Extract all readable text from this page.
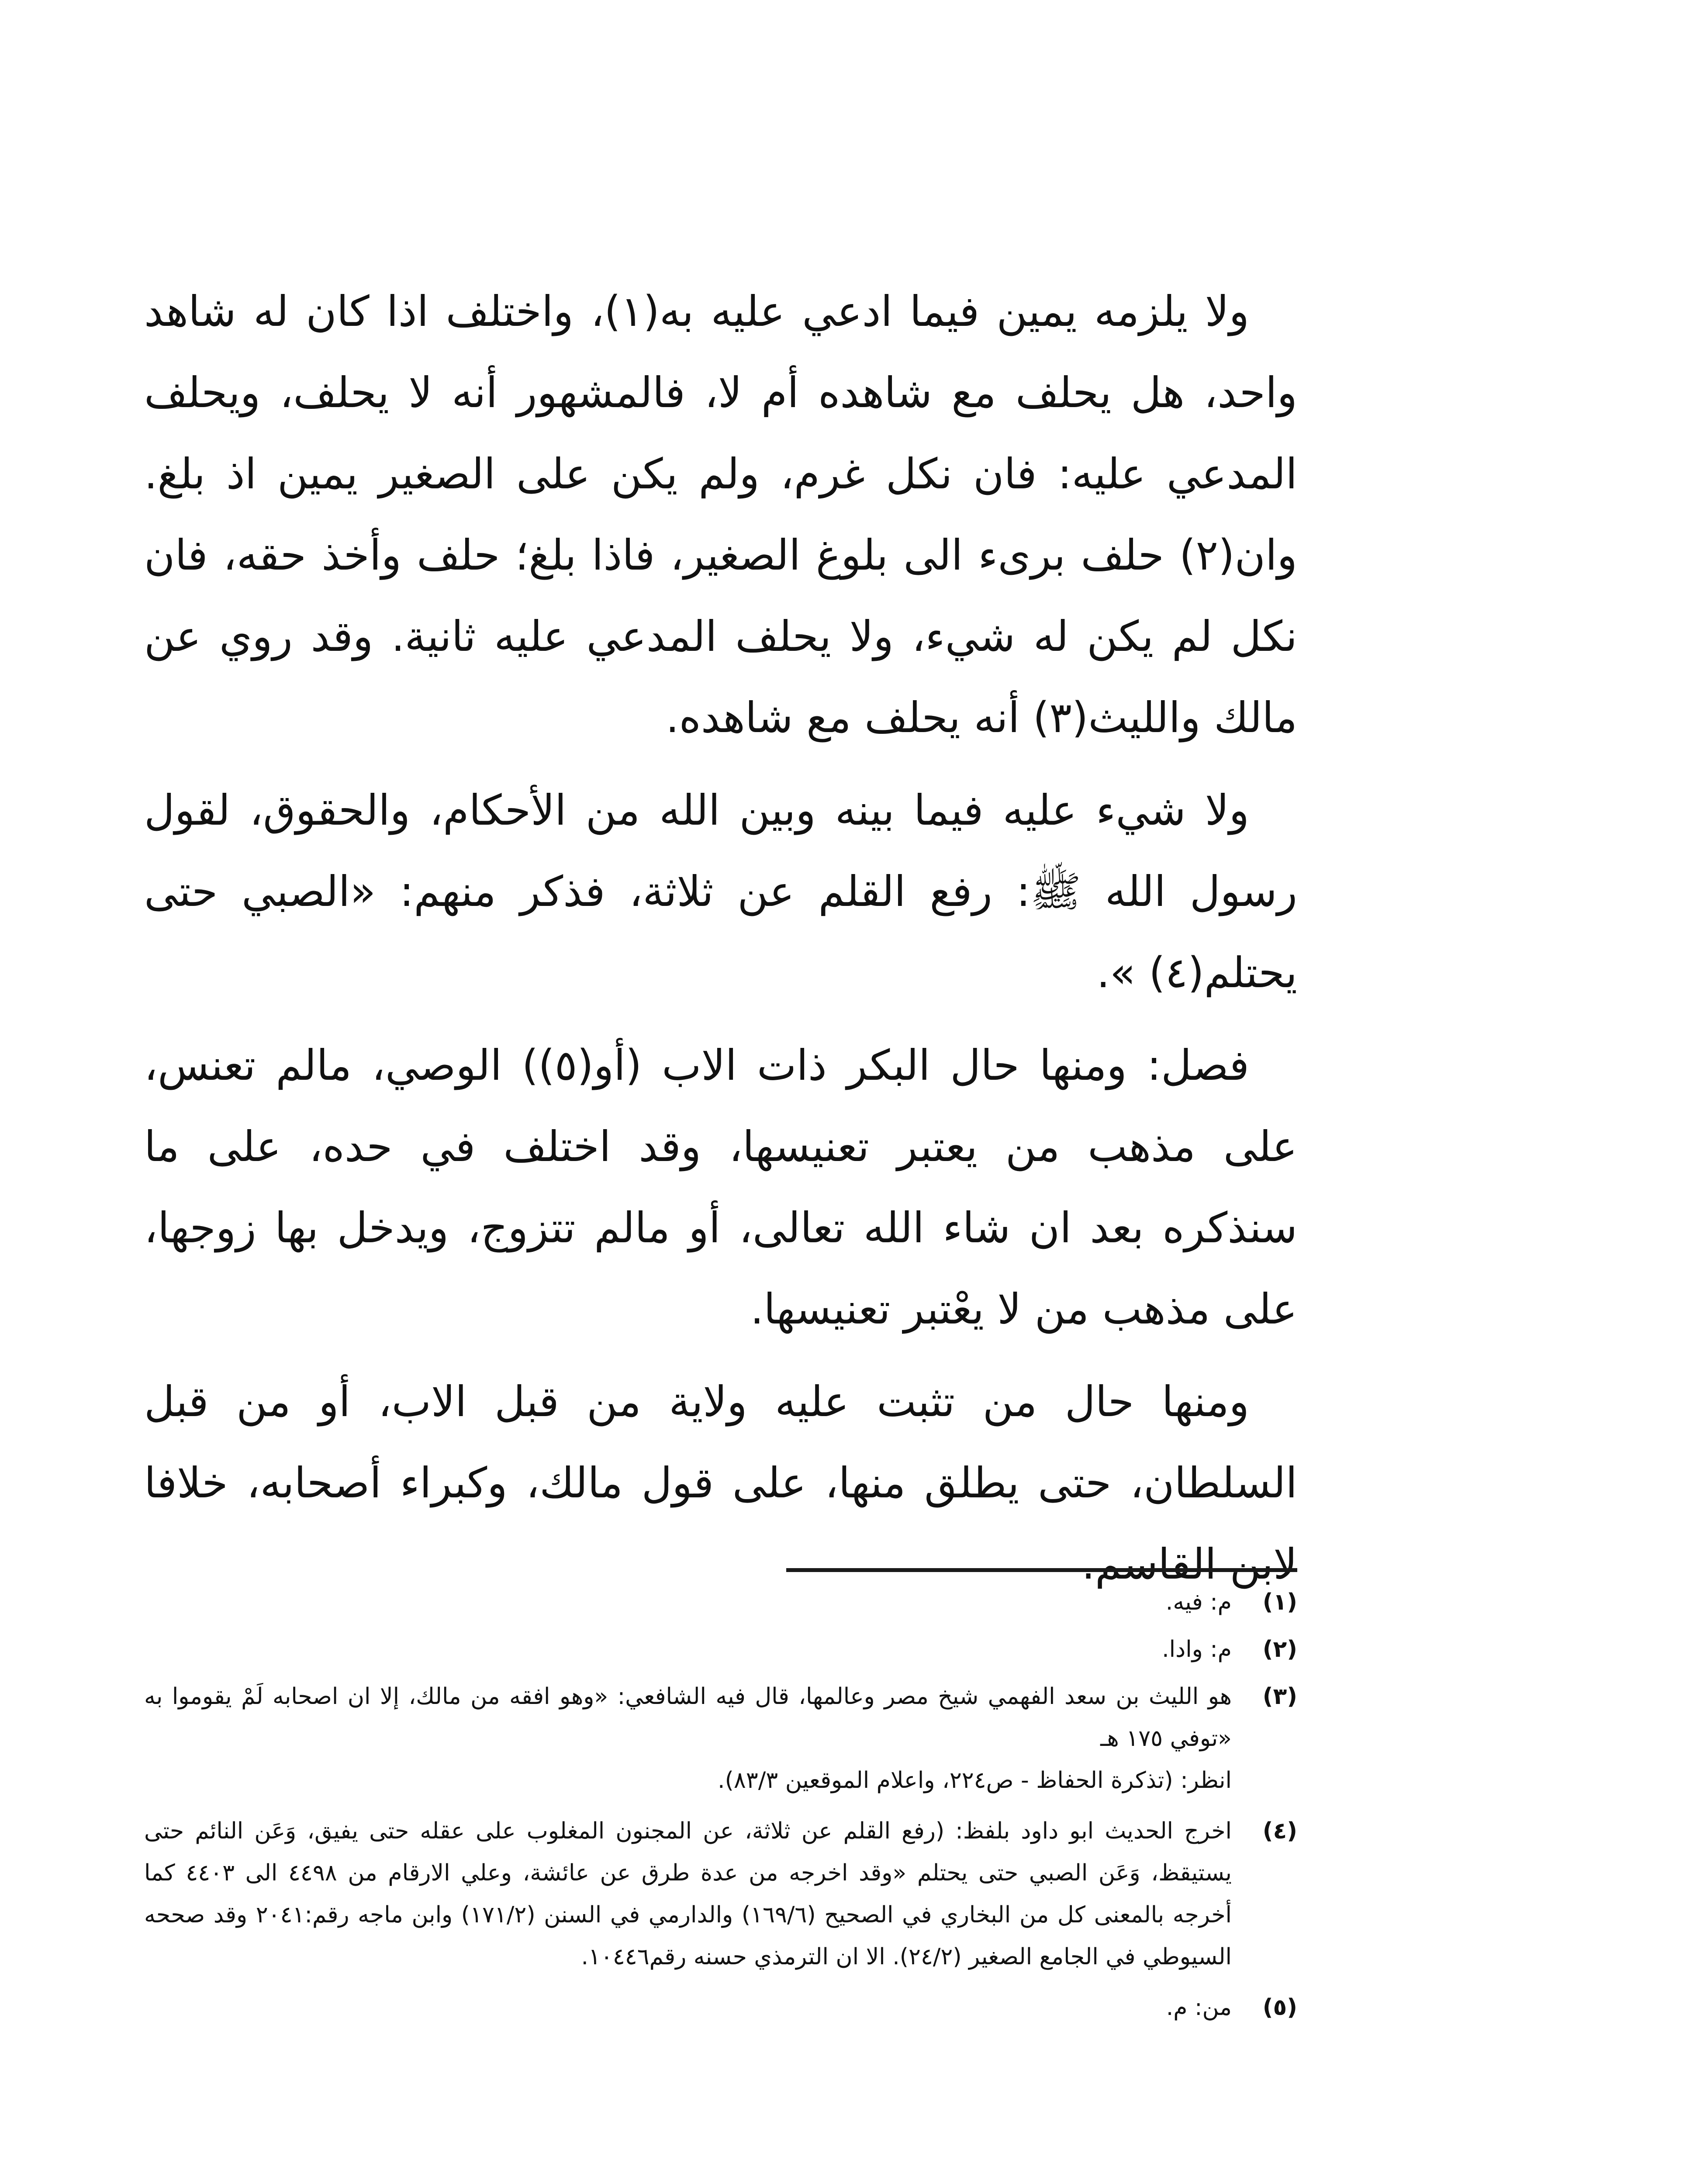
ولا يلزمه يمين فيما ادعي عليه به(١)، واختلف اذا كان له شاهد واحد، هل يحلف مع شاهده أم لا، فالمشهور أنه لا يحلف، ويحلف المدعي عليه: فان نكل غرم، ولم يكن على الصغير يمين اذ بلغ. وان(٢) حلف برىء الى بلوغ الصغير، فاذا بلغ؛ حلف وأخذ حقه، فان نكل لم يكن له شيء، ولا يحلف المدعي عليه ثانية. وقد روي عن مالك والليث(٣) أنه يحلف مع شاهده.

ولا شيء عليه فيما بينه وبين الله من الأحكام، والحقوق، لقول رسول الله ﷺ: رفع القلم عن ثلاثة، فذكر منهم: «الصبي حتى يحتلم(٤) ».

فصل: ومنها حال البكر ذات الاب (أو(٥)) الوصي، مالم تعنس، على مذهب من يعتبر تعنيسها، وقد اختلف في حده، على ما سنذكره بعد ان شاء الله تعالى، أو مالم تتزوج، ويدخل بها زوجها، على مذهب من لا يعْتبر تعنيسها.

ومنها حال من تثبت عليه ولاية من قبل الاب، أو من قبل السلطان، حتى يطلق منها، على قول مالك، وكبراء أصحابه، خلافا لابن القاسم.

(١)
م: فيه.
(٢)
م: وادا.
(٣)
هو الليث بن سعد الفهمي شيخ مصر وعالمها، قال فيه الشافعي: «وهو افقه من مالك، إلا ان اصحابه لَمْ يقوموا به «توفي ١٧٥ هـ
انظر: (تذكرة الحفاظ - ص٢٢٤، واعلام الموقعين ٨٣/٣).
(٤)
اخرج الحديث ابو داود بلفظ: (رفع القلم عن ثلاثة، عن المجنون المغلوب على عقله حتى يفيق، وَعَن النائم حتى يستيقظ، وَعَن الصبي حتى يحتلم «وقد اخرجه من عدة طرق عن عائشة، وعلي الارقام من ٤٤٩٨ الى ٤٤٠٣ كما أخرجه بالمعنى كل من البخاري في الصحيح (١٦٩/٦) والدارمي في السنن (١٧١/٢) وابن ماجه رقم:٢٠٤١ وقد صححه السيوطي في الجامع الصغير (٢٤/٢). الا ان الترمذي حسنه رقم١٠٤٤٦.
(٥)
من: م.
